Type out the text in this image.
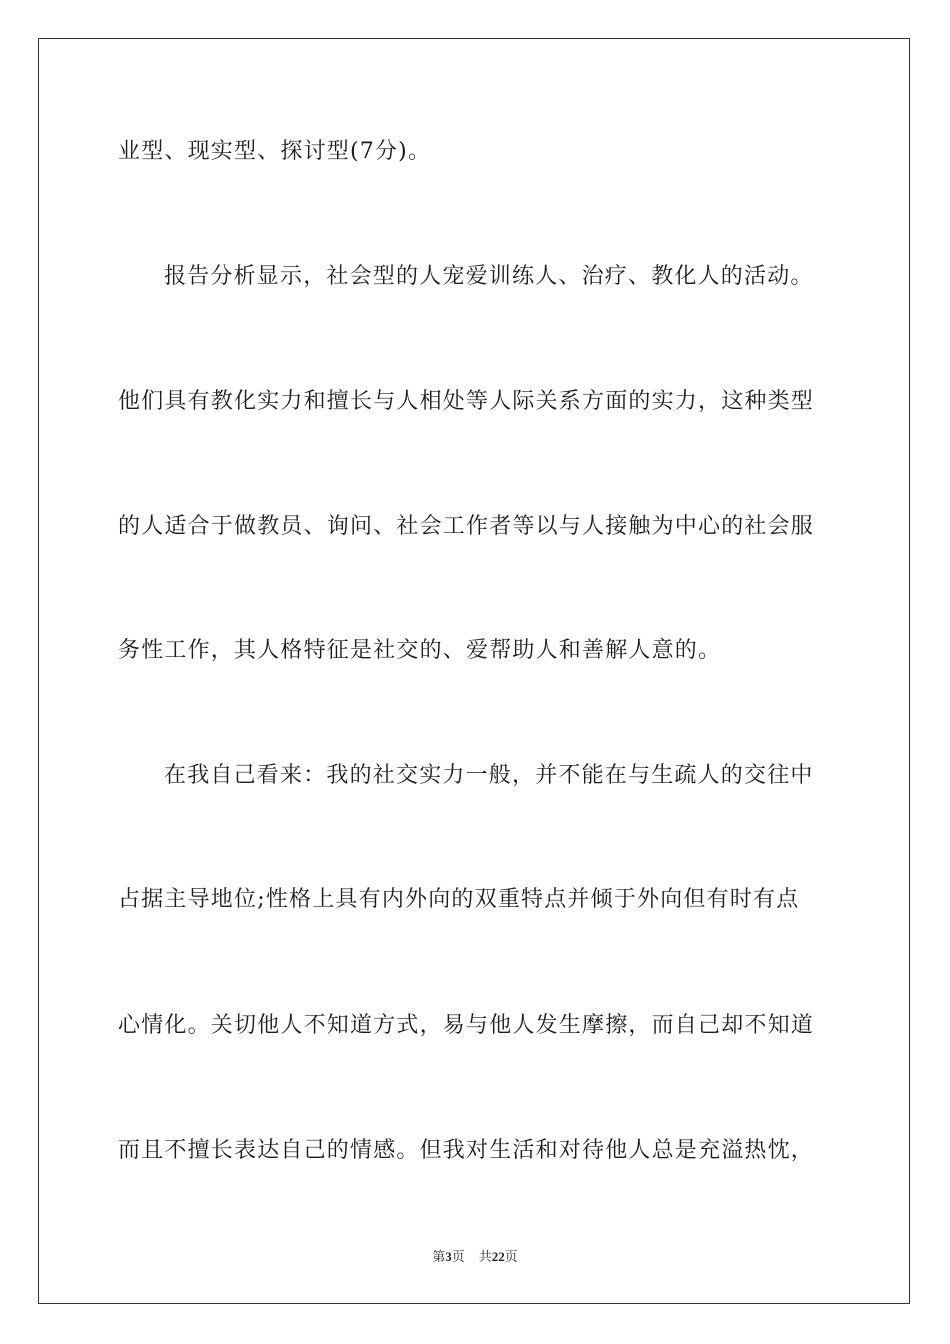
业型、现实型、探讨型(7分)。
报告分析显示，社会型的人宠爱训练人、治疗、教化人的活动。
他们具有教化实力和擅长与人相处等人际关系方面的实力，这种类型
的人适合于做教员、询问、社会工作者等以与人接触为中心的社会服
务性工作，其人格特征是社交的、爱帮助人和善解人意的。
在我自己看来：我的社交实力一般，并不能在与生疏人的交往中
占据主导地位;性格上具有内外向的双重特点并倾于外向但有时有点
心情化。关切他人不知道方式，易与他人发生摩擦，而自己却不知道
而且不擅长表达自己的情感。但我对生活和对待他人总是充溢热忱，
第3页 共22页
